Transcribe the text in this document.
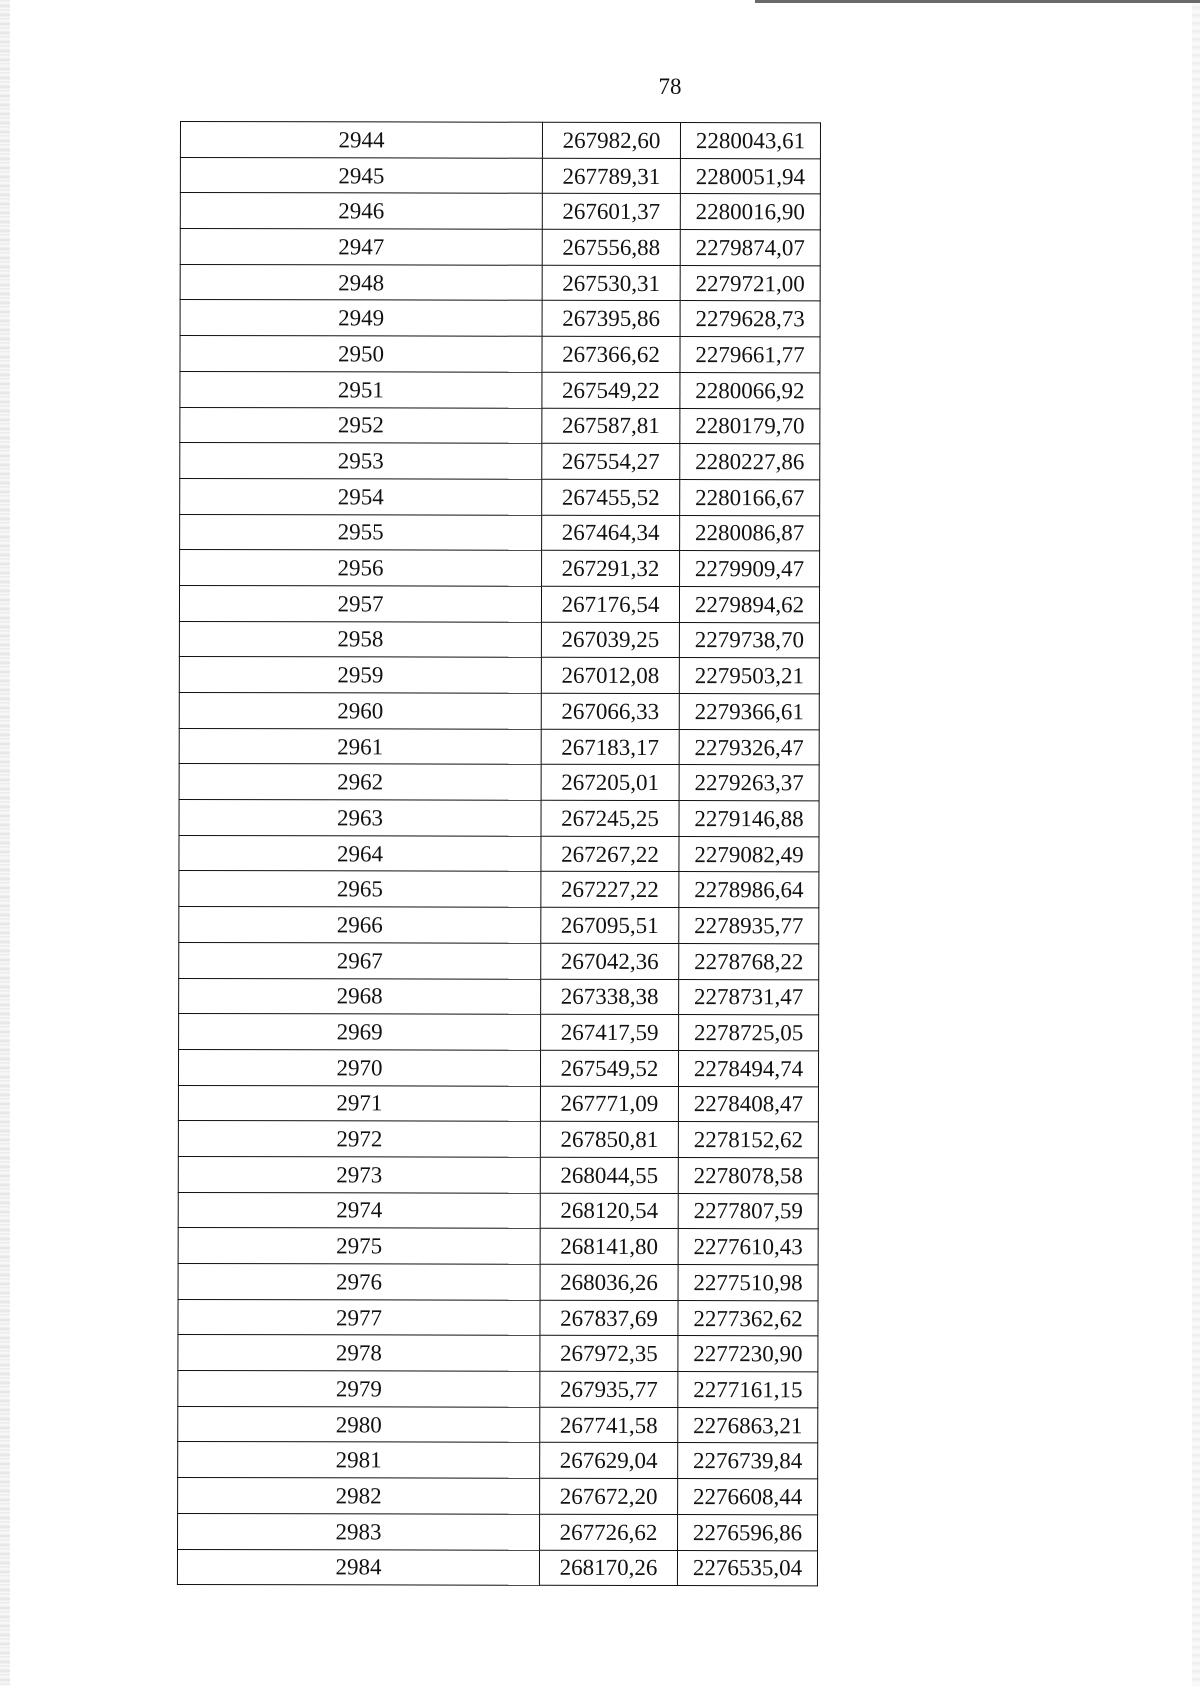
78
2944	267982,60	2280043,61
2945	267789,31	2280051,94
2946	267601,37	2280016,90
2947	267556,88	2279874,07
2948	267530,31	2279721,00
2949	267395,86	2279628,73
2950	267366,62	2279661,77
2951	267549,22	2280066,92
2952	267587,81	2280179,70
2953	267554,27	2280227,86
2954	267455,52	2280166,67
2955	267464,34	2280086,87
2956	267291,32	2279909,47
2957	267176,54	2279894,62
2958	267039,25	2279738,70
2959	267012,08	2279503,21
2960	267066,33	2279366,61
2961	267183,17	2279326,47
2962	267205,01	2279263,37
2963	267245,25	2279146,88
2964	267267,22	2279082,49
2965	267227,22	2278986,64
2966	267095,51	2278935,77
2967	267042,36	2278768,22
2968	267338,38	2278731,47
2969	267417,59	2278725,05
2970	267549,52	2278494,74
2971	267771,09	2278408,47
2972	267850,81	2278152,62
2973	268044,55	2278078,58
2974	268120,54	2277807,59
2975	268141,80	2277610,43
2976	268036,26	2277510,98
2977	267837,69	2277362,62
2978	267972,35	2277230,90
2979	267935,77	2277161,15
2980	267741,58	2276863,21
2981	267629,04	2276739,84
2982	267672,20	2276608,44
2983	267726,62	2276596,86
2984	268170,26	2276535,04
